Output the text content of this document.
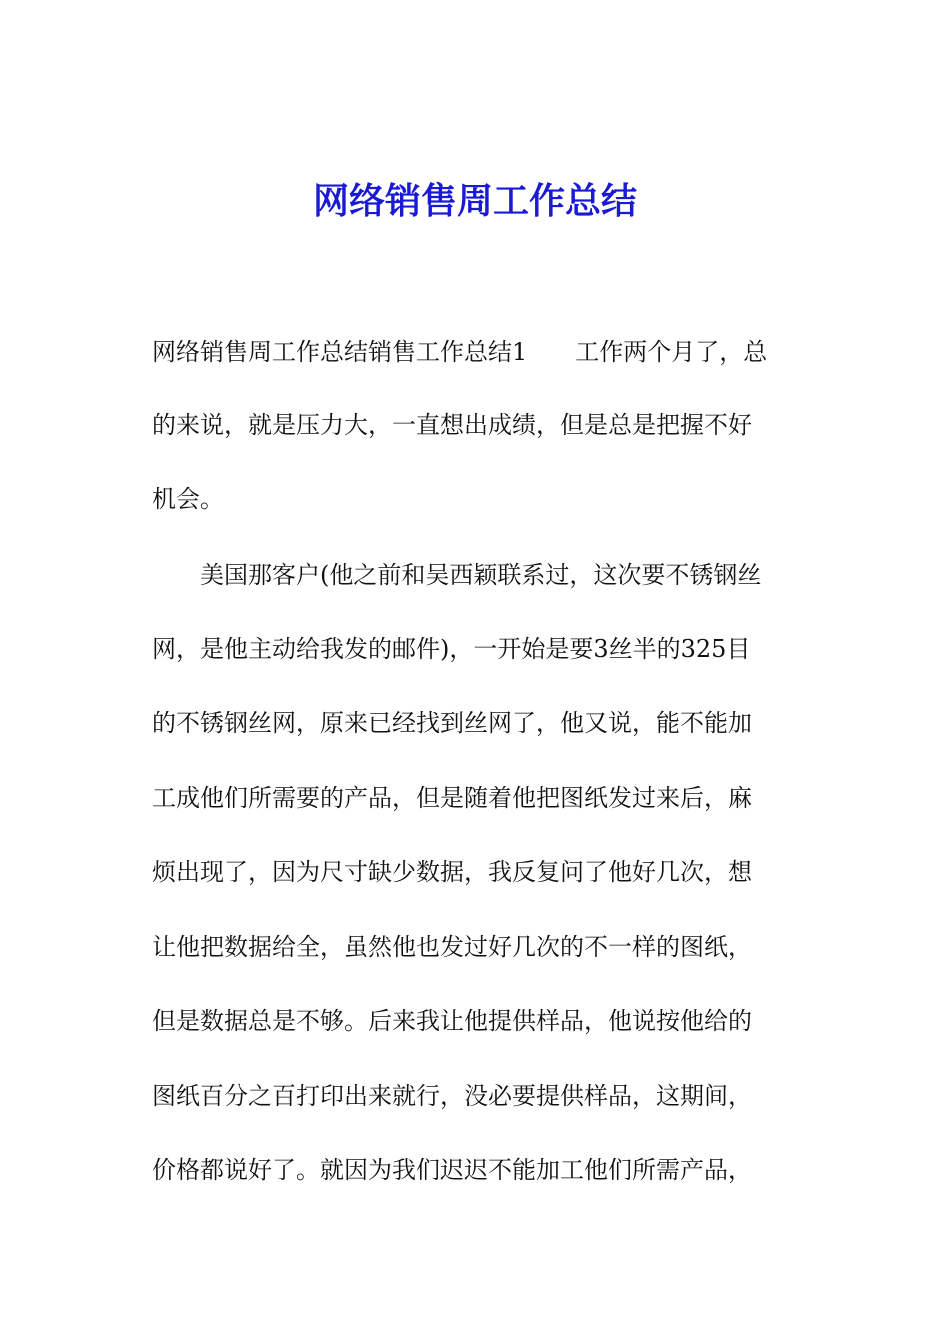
网络销售周工作总结
网络销售周工作总结销售工作总结1　　工作两个月了，总
的来说，就是压力大，一直想出成绩，但是总是把握不好
机会。
美国那客户(他之前和吴西颖联系过，这次要不锈钢丝
网，是他主动给我发的邮件)，一开始是要3丝半的325目
的不锈钢丝网，原来已经找到丝网了，他又说，能不能加
工成他们所需要的产品，但是随着他把图纸发过来后，麻
烦出现了，因为尺寸缺少数据，我反复问了他好几次，想
让他把数据给全，虽然他也发过好几次的不一样的图纸，
但是数据总是不够。后来我让他提供样品，他说按他给的
图纸百分之百打印出来就行，没必要提供样品，这期间，
价格都说好了。就因为我们迟迟不能加工他们所需产品，
